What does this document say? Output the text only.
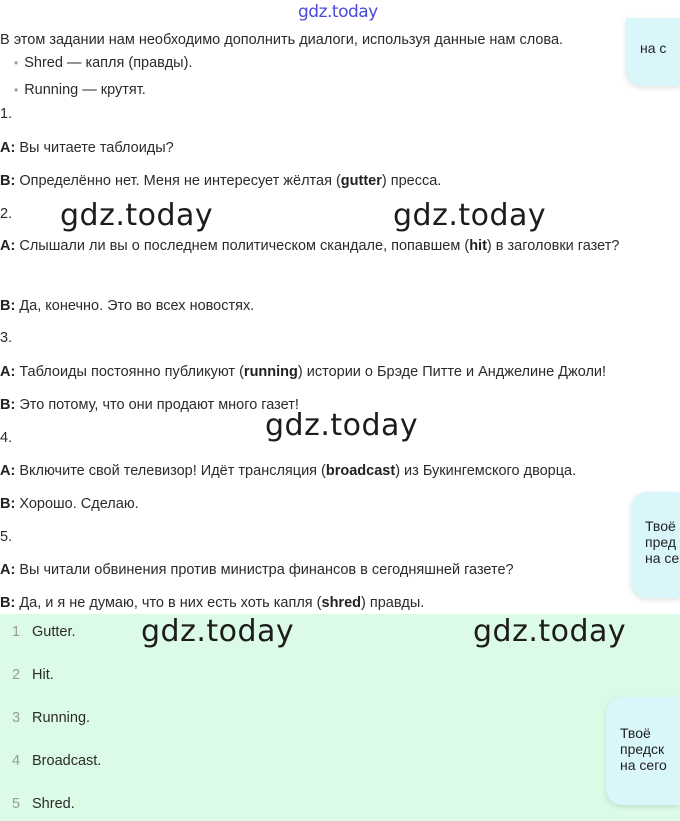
gdz.today
В этом задании нам необходимо дополнить диалоги, используя данные нам слова.
• Shred — капля (правды).
• Running — крутят.
1.
A: Вы читаете таблоиды?
B: Определённо нет. Меня не интересует жёлтая (gutter) пресса.
2.
A: Слышали ли вы о последнем политическом скандале, попавшем (hit) в заголовки газет?
B: Да, конечно. Это во всех новостях.
3.
A: Таблоиды постоянно публикуют (running) истории о Брэде Питте и Анджелине Джоли!
B: Это потому, что они продают много газет!
4.
A: Включите свой телевизор! Идёт трансляция (broadcast) из Букингемского дворца.
B: Хорошо. Сделаю.
5.
A: Вы читали обвинения против министра финансов в сегодняшней газете?
B: Да, и я не думаю, что в них есть хоть капля (shred) правды.
1 Gutter.
2 Hit.
3 Running.
4 Broadcast.
5 Shred.
gdz.today	gdz.today
gdz.today
gdz.today	gdz.today
на с
Твоё
пред
на се
Твоё
предск
на сего
